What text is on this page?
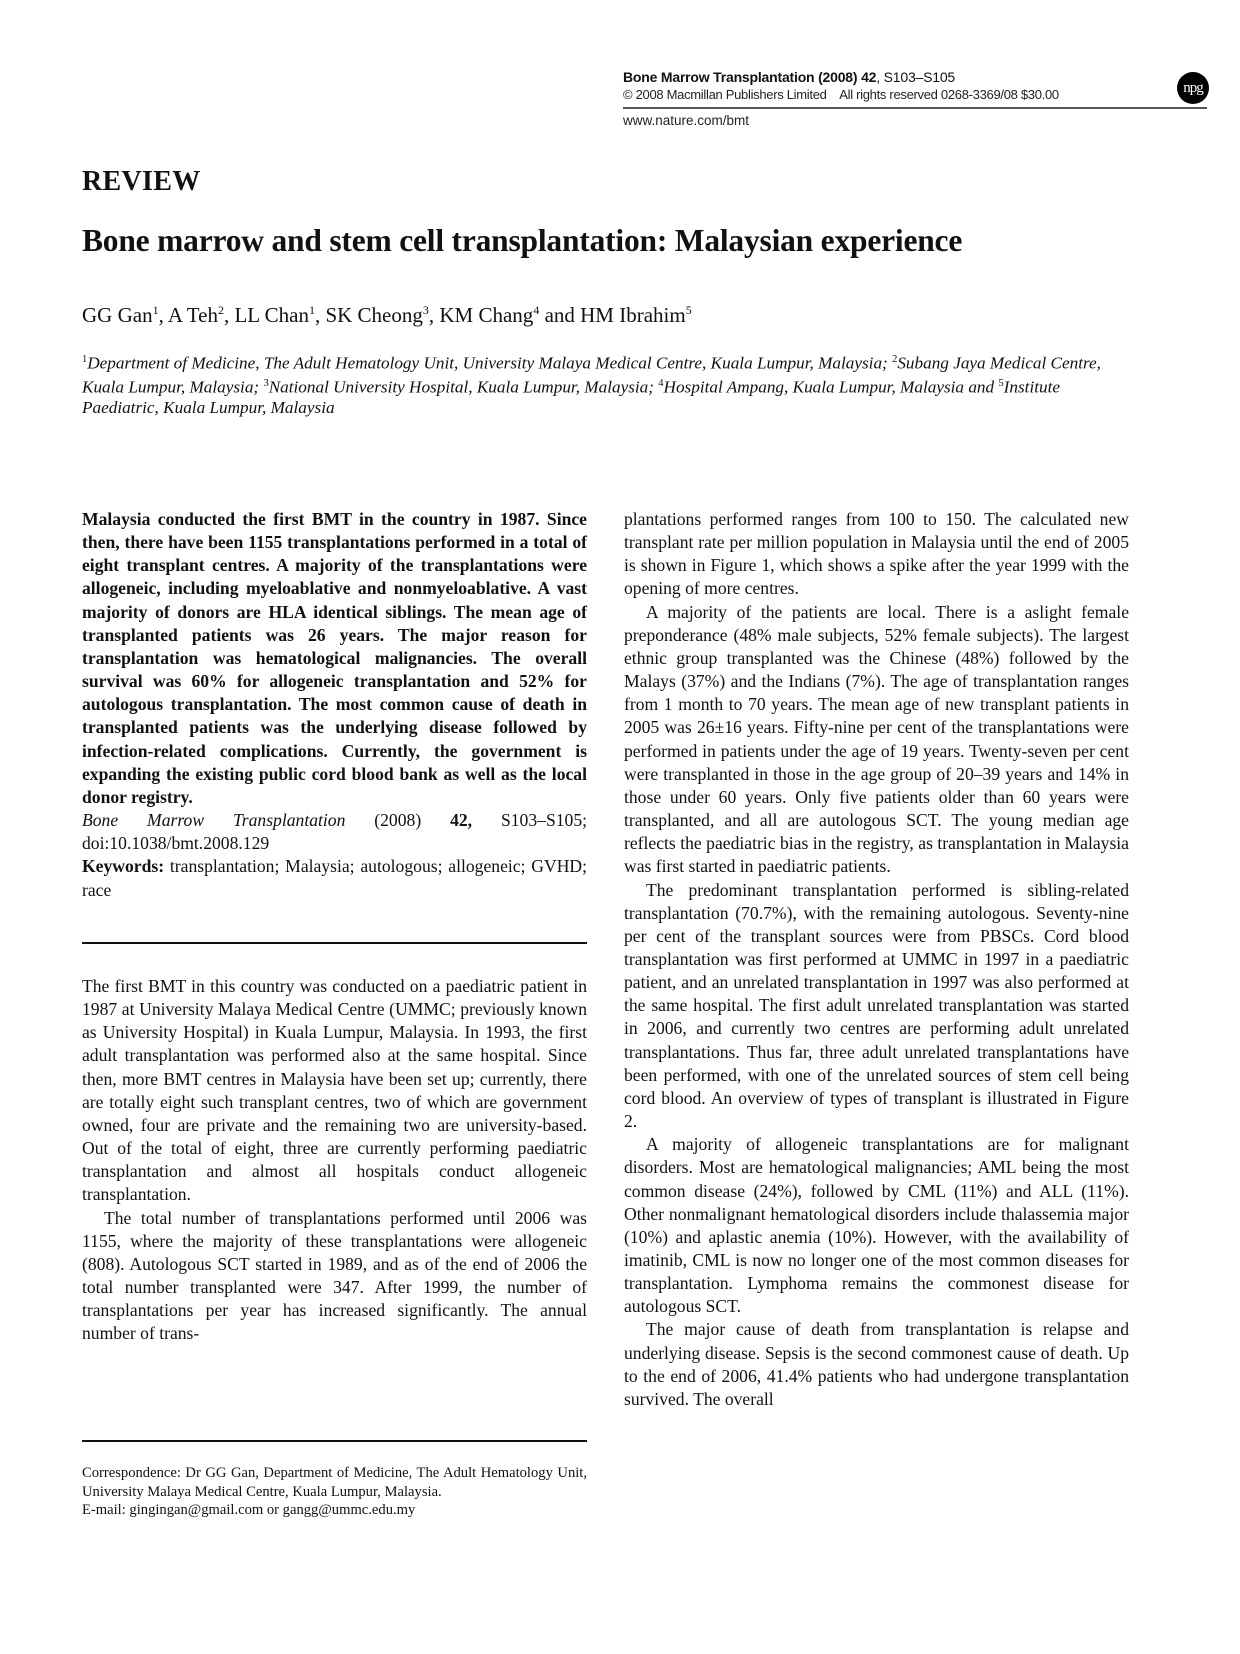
Bone Marrow Transplantation (2008) 42, S103–S105
© 2008 Macmillan Publishers Limited All rights reserved 0268-3369/08 $30.00	npg
www.nature.com/bmt
REVIEW
Bone marrow and stem cell transplantation: Malaysian experience
GG Gan$^1$, A Teh$^2$, LL Chan$^1$, SK Cheong$^3$, KM Chang$^4$ and HM Ibrahim$^5$
$^1$Department of Medicine, The Adult Hematology Unit, University Malaya Medical Centre, Kuala Lumpur, Malaysia; $^2$Subang Jaya Medical Centre, Kuala Lumpur, Malaysia; $^3$National University Hospital, Kuala Lumpur, Malaysia; $^4$Hospital Ampang, Kuala Lumpur, Malaysia and $^5$Institute Paediatric, Kuala Lumpur, Malaysia

Malaysia conducted the first BMT in the country in 1987. Since then, there have been 1155 transplantations performed in a total of eight transplant centres. A majority of the transplantations were allogeneic, including myeloablative and nonmyeloablative. A vast majority of donors are HLA identical siblings. The mean age of transplanted patients was 26 years. The major reason for transplantation was hematological malignancies. The overall survival was 60% for allogeneic transplantation and 52% for autologous transplantation. The most common cause of death in transplanted patients was the underlying disease followed by infection-related complications. Currently, the government is expanding the existing public cord blood bank as well as the local donor registry.

Bone Marrow Transplantation (2008) 42, S103–S105; doi:10.1038/bmt.2008.129

Keywords: transplantation; Malaysia; autologous; allogeneic; GVHD; race

The first BMT in this country was conducted on a paediatric patient in 1987 at University Malaya Medical Centre (UMMC; previously known as University Hospital) in Kuala Lumpur, Malaysia. In 1993, the first adult transplantation was performed also at the same hospital. Since then, more BMT centres in Malaysia have been set up; currently, there are totally eight such transplant centres, two of which are government owned, four are private and the remaining two are university-based. Out of the total of eight, three are currently performing paediatric transplantation and almost all hospitals conduct allogeneic transplantation.

The total number of transplantations performed until 2006 was 1155, where the majority of these transplantations were allogeneic (808). Autologous SCT started in 1989, and as of the end of 2006 the total number transplanted were 347. After 1999, the number of transplantations per year has increased significantly. The annual number of trans-

Correspondence: Dr GG Gan, Department of Medicine, The Adult Hematology Unit, University Malaya Medical Centre, Kuala Lumpur, Malaysia.

E-mail: gingingan@gmail.com or gangg@ummc.edu.my

plantations performed ranges from 100 to 150. The calculated new transplant rate per million population in Malaysia until the end of 2005 is shown in Figure 1, which shows a spike after the year 1999 with the opening of more centres.

A majority of the patients are local. There is a aslight female preponderance (48% male subjects, 52% female subjects). The largest ethnic group transplanted was the Chinese (48%) followed by the Malays (37%) and the Indians (7%). The age of transplantation ranges from 1 month to 70 years. The mean age of new transplant patients in 2005 was 26±16 years. Fifty-nine per cent of the transplantations were performed in patients under the age of 19 years. Twenty-seven per cent were transplanted in those in the age group of 20–39 years and 14% in those under 60 years. Only five patients older than 60 years were transplanted, and all are autologous SCT. The young median age reflects the paediatric bias in the registry, as transplantation in Malaysia was first started in paediatric patients.

The predominant transplantation performed is sibling-related transplantation (70.7%), with the remaining autologous. Seventy-nine per cent of the transplant sources were from PBSCs. Cord blood transplantation was first performed at UMMC in 1997 in a paediatric patient, and an unrelated transplantation in 1997 was also performed at the same hospital. The first adult unrelated transplantation was started in 2006, and currently two centres are performing adult unrelated transplantations. Thus far, three adult unrelated transplantations have been performed, with one of the unrelated sources of stem cell being cord blood. An overview of types of transplant is illustrated in Figure 2.

A majority of allogeneic transplantations are for malignant disorders. Most are hematological malignancies; AML being the most common disease (24%), followed by CML (11%) and ALL (11%). Other nonmalignant hematological disorders include thalassemia major (10%) and aplastic anemia (10%). However, with the availability of imatinib, CML is now no longer one of the most common diseases for transplantation. Lymphoma remains the commonest disease for autologous SCT.

The major cause of death from transplantation is relapse and underlying disease. Sepsis is the second commonest cause of death. Up to the end of 2006, 41.4% patients who had undergone transplantation survived. The overall
